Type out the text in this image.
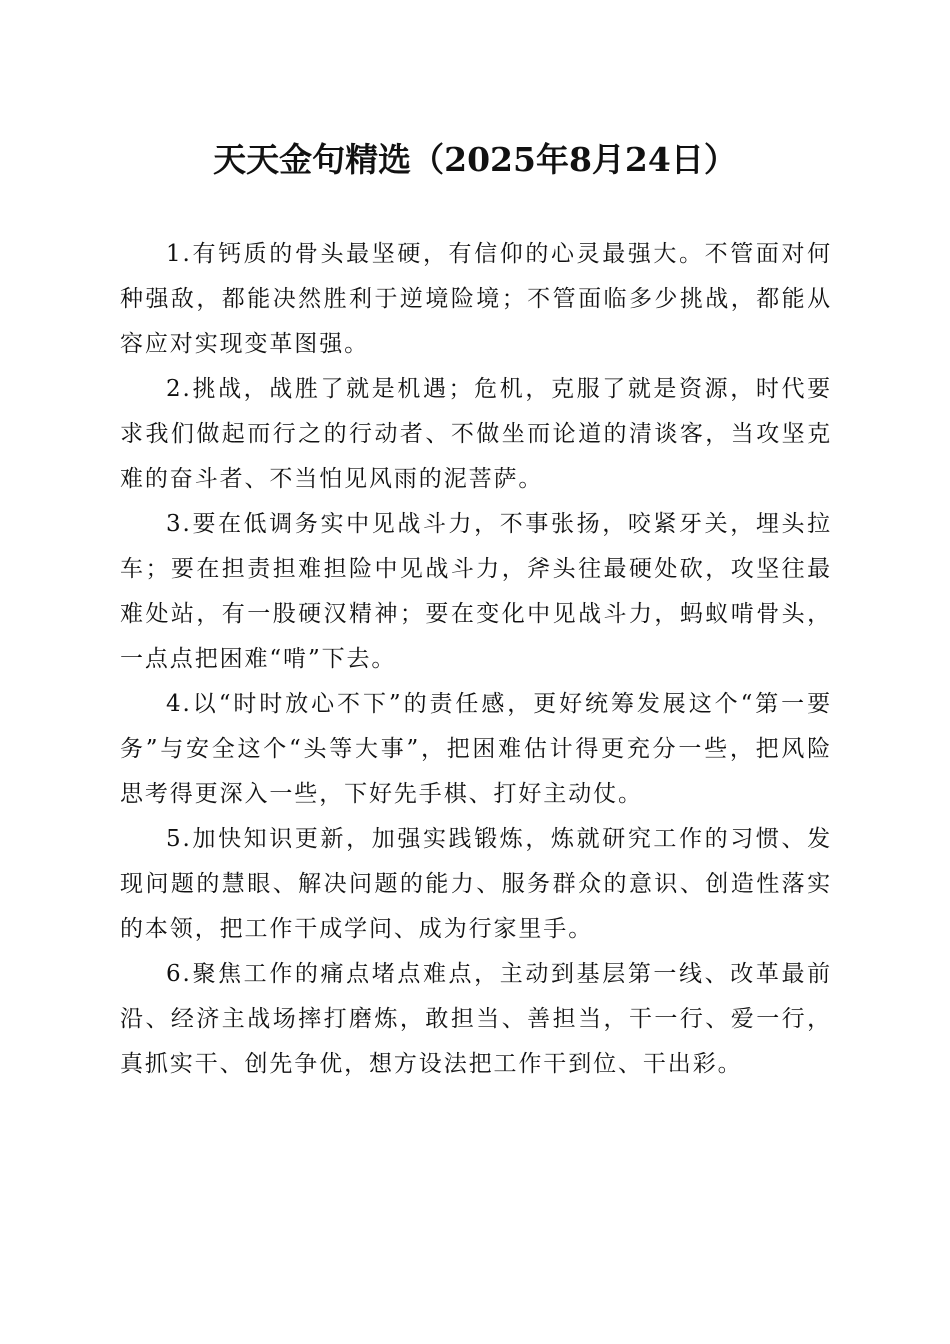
天天金句精选（2025年8月24日）

1.有钙质的骨头最坚硬，有信仰的心灵最强大。不管面对何种强敌，都能决然胜利于逆境险境；不管面临多少挑战，都能从容应对实现变革图强。

2.挑战，战胜了就是机遇；危机，克服了就是资源，时代要求我们做起而行之的行动者、不做坐而论道的清谈客，当攻坚克难的奋斗者、不当怕见风雨的泥菩萨。

3.要在低调务实中见战斗力，不事张扬，咬紧牙关，埋头拉车；要在担责担难担险中见战斗力，斧头往最硬处砍，攻坚往最难处站，有一股硬汉精神；要在变化中见战斗力，蚂蚁啃骨头，一点点把困难“啃”下去。

4.以“时时放心不下”的责任感，更好统筹发展这个“第一要务”与安全这个“头等大事”，把困难估计得更充分一些，把风险思考得更深入一些，下好先手棋、打好主动仗。

5.加快知识更新，加强实践锻炼，炼就研究工作的习惯、发现问题的慧眼、解决问题的能力、服务群众的意识、创造性落实的本领，把工作干成学问、成为行家里手。

6.聚焦工作的痛点堵点难点，主动到基层第一线、改革最前沿、经济主战场摔打磨炼，敢担当、善担当，干一行、爱一行，真抓实干、创先争优，想方设法把工作干到位、干出彩。
